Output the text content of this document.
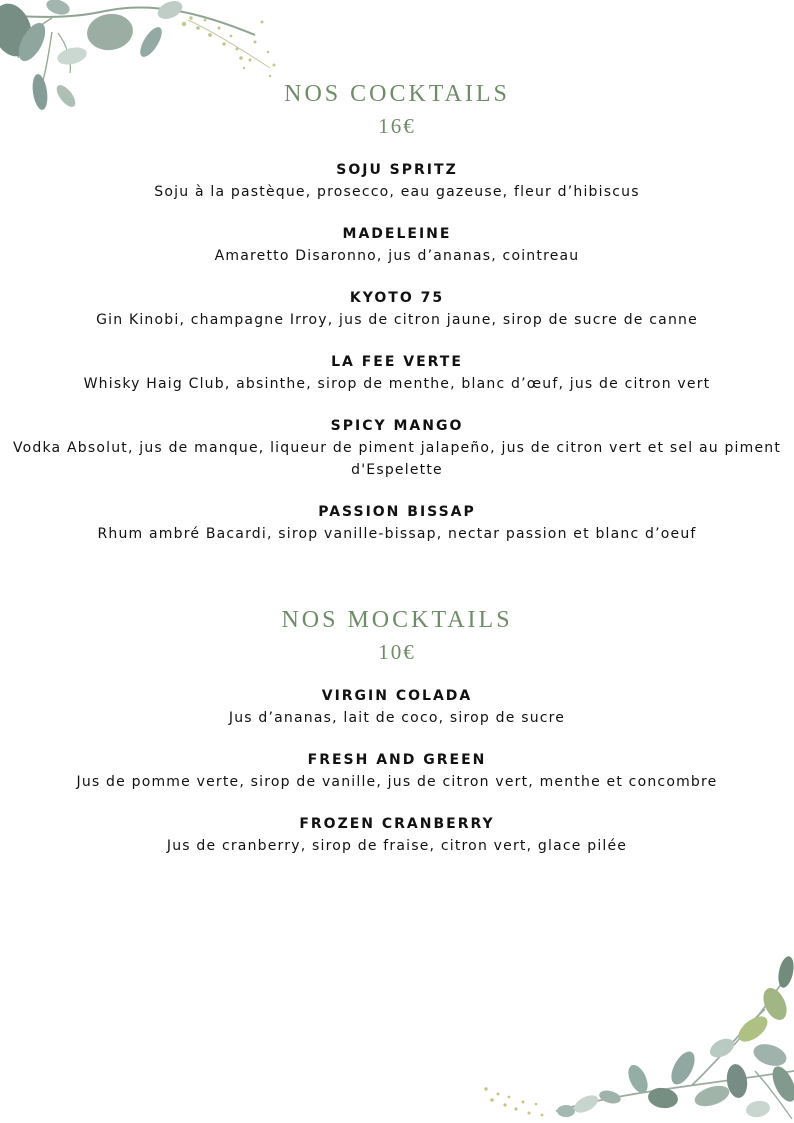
NOS COCKTAILS
16€
SOJU SPRITZ
Soju à la pastèque, prosecco, eau gazeuse, fleur d’hibiscus
MADELEINE
Amaretto Disaronno, jus d’ananas, cointreau
KYOTO 75
Gin Kinobi, champagne Irroy, jus de citron jaune, sirop de sucre de canne
LA FEE VERTE
Whisky Haig Club, absinthe, sirop de menthe, blanc d’œuf, jus de citron vert
SPICY MANGO
Vodka Absolut, jus de manque, liqueur de piment jalapeño, jus de citron vert et sel au piment d'Espelette
PASSION BISSAP
Rhum ambré Bacardi, sirop vanille-bissap, nectar passion et blanc d’oeuf
NOS MOCKTAILS
10€
VIRGIN COLADA
Jus d’ananas, lait de coco, sirop de sucre
FRESH AND GREEN
Jus de pomme verte, sirop de vanille, jus de citron vert, menthe et concombre
FROZEN CRANBERRY
Jus de cranberry, sirop de fraise, citron vert, glace pilée
